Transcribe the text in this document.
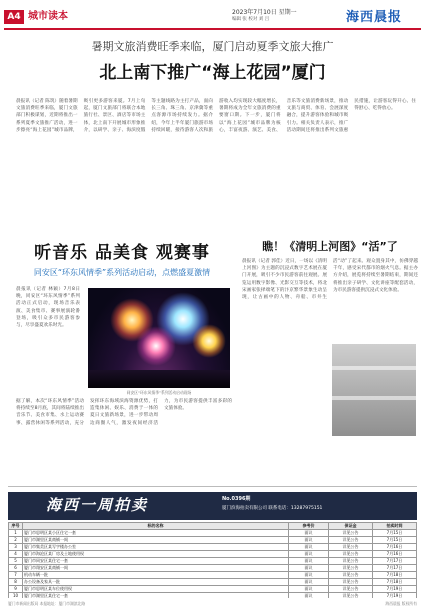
A4 城市读本	2023年7月10日 星期一
编辑 张 校对 刘 吕	海西晨报
暑期文旅消费旺季来临，厦门启动夏季文旅大推广
北上南下推广“海上花园”厦门
晨报讯（记者 陈筑）随着暑期文旅消费旺季来临，厦门文旅部门积极谋划，近期将推出一系列夏季文旅推广活动，进一步擦亮“海上花园”城市品牌，吸引更多游客来厦。7月上旬起，厦门文旅部门将联合本地旅行社、景区、酒店等市场主体，北上南下开展城市形象推介，以研学、亲子、海滨度假等主题线路为主打产品，面向长三角、珠三角、京津冀等重点客源市场持续发力。据介绍，今年上半年厦门旅游市场持续回暖，接待游客人次和旅游收入均实现较大幅度增长，暑期将成为全年文旅消费的重要窗口期。下一步，厦门将以“海上花园”城市品牌为核心，丰富夜游、演艺、美食、音乐等文旅消费新场景，推动文旅与商贸、体育、会展深度融合，提升游客体验和城市吸引力。相关负责人表示，推广活动期间还将推出系列文旅惠民措施，让游客玩得开心、住得舒心、吃得放心。
听音乐 品美食 观赛事
同安区“环东风情季”系列活动启动，点燃盛夏激情
晨报讯（记者 林颖）7月8日晚，同安区“环东风情季”系列活动正式启动，现场音乐表演、美食集市、赛事展演轮番登场，吸引众多市民游客参与，尽享盛夏欢乐时光。
同安区“环东风情季”系列活动启动现场
据了解，本次“环东风情季”活动将持续至8月底，其间将陆续推出音乐节、美食市集、水上运动赛事、露营休闲等系列活动，充分发挥环东海域滨海资源优势，打造集休闲、娱乐、消费于一体的夏日文旅新场景，进一步带动周边商圈人气，激发夜间经济活力，为市民游客提供丰富多彩的文旅体验。
瞧！《清明上河图》“活”了
晨报讯（记者 郭佳）近日，一场以《清明上河图》为主题的沉浸式数字艺术展在厦门开展，吸引不少市民游客前往观展。展览运用数字影像、光影交互等技术，将北宋画家张择端笔下的汴京繁华景象生动呈现，让古画中的人物、舟船、市井生活“动”了起来。观众置身其中，仿佛穿越千年，感受宋代都市的烟火气息。据主办方介绍，展览将持续至暑期结束，期间还将推出亲子研学、文化讲座等配套活动，为市民游客提供沉浸式文化体验。
海西一周拍卖	No.0396期
厦门滨海拍卖有限公司 联系电话：13287975151
序号	标的名称	参考价	保证金	拍卖时间
1	厦门市思明区某小区住宅一套	面议	详见公告	7月15日
2	厦门市湖里区某商铺一间	面议	详见公告	7月15日
3	厦门市集美区某写字楼办公室	面议	详见公告	7月16日
4	厦门市海沧区某厂房及土地使用权	面议	详见公告	7月16日
5	厦门市同安区某住宅一套	面议	详见公告	7月17日
6	厦门市翔安区某商铺一间	面议	详见公告	7月17日
7	机动车辆一批	面议	详见公告	7月18日
8	办公设备及家具一批	面议	详见公告	7月18日
9	厦门市思明区某车位使用权	面议	详见公告	7月19日
10	厦门市湖里区某住宅一套	面议	详见公告	7月19日
厦门市新闻出版局 本报地址：厦门市湖滨北路	海西晨报 版权所有
